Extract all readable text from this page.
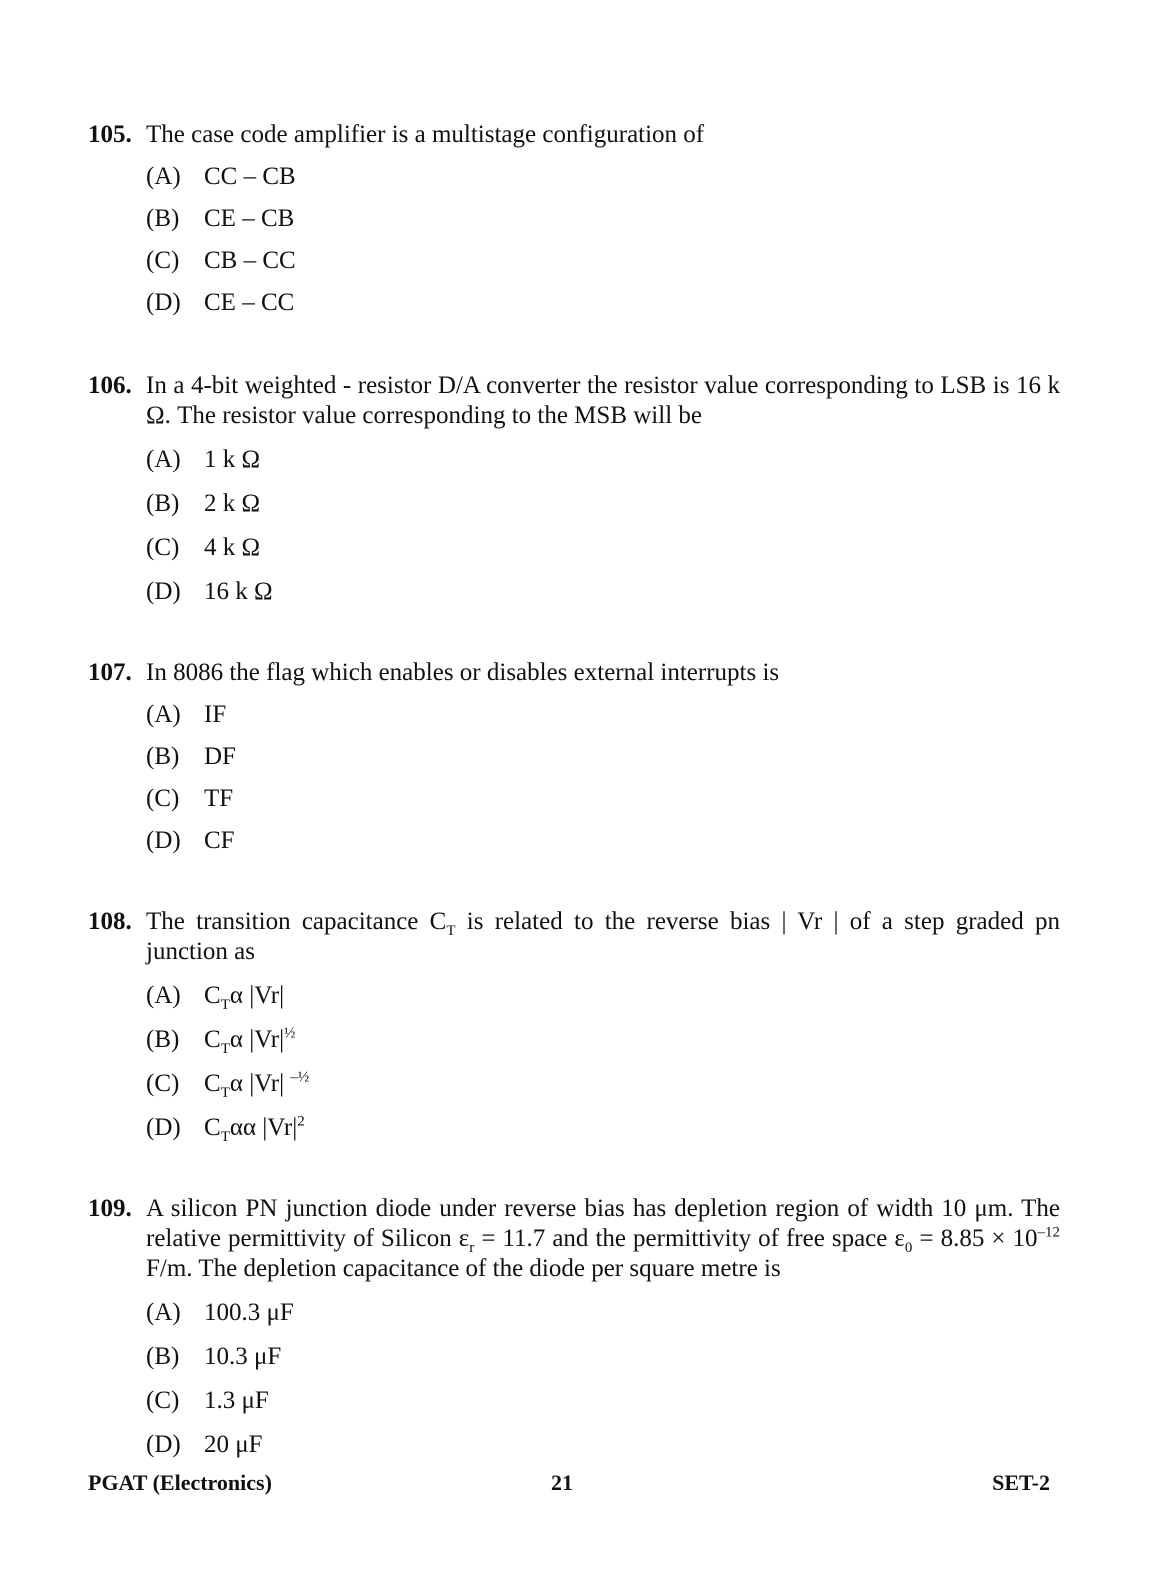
105. The case code amplifier is a multistage configuration of
(A) CC – CB
(B) CE – CB
(C) CB – CC
(D) CE – CC
106. In a 4-bit weighted - resistor D/A converter the resistor value corresponding to LSB is 16 k Ω. The resistor value corresponding to the MSB will be
(A) 1 k Ω
(B) 2 k Ω
(C) 4 k Ω
(D) 16 k Ω
107. In 8086 the flag which enables or disables external interrupts is
(A) IF
(B) DF
(C) TF
(D) CF
108. The transition capacitance $C_T$ is related to the reverse bias | Vr | of a step graded pn junction as
(A) $C_T\alpha$ |Vr|
(B) $C_T\alpha$ $|Vr|^{\frac{1}{2}}$
(C) $C_T\alpha$ |Vr| $^{-\frac{1}{2}}$
(D) $C_T\alpha\alpha$ $|Vr|^2$
109. A silicon PN junction diode under reverse bias has depletion region of width 10 μm. The relative permittivity of Silicon $\varepsilon_r = 11.7$ and the permittivity of free space $\varepsilon_0 = 8.85 \times 10^{-12}$ F/m. The depletion capacitance of the diode per square metre is
(A) 100.3 μF
(B) 10.3 μF
(C) 1.3 μF
(D) 20 μF
PGAT (Electronics)	21	SET-2
